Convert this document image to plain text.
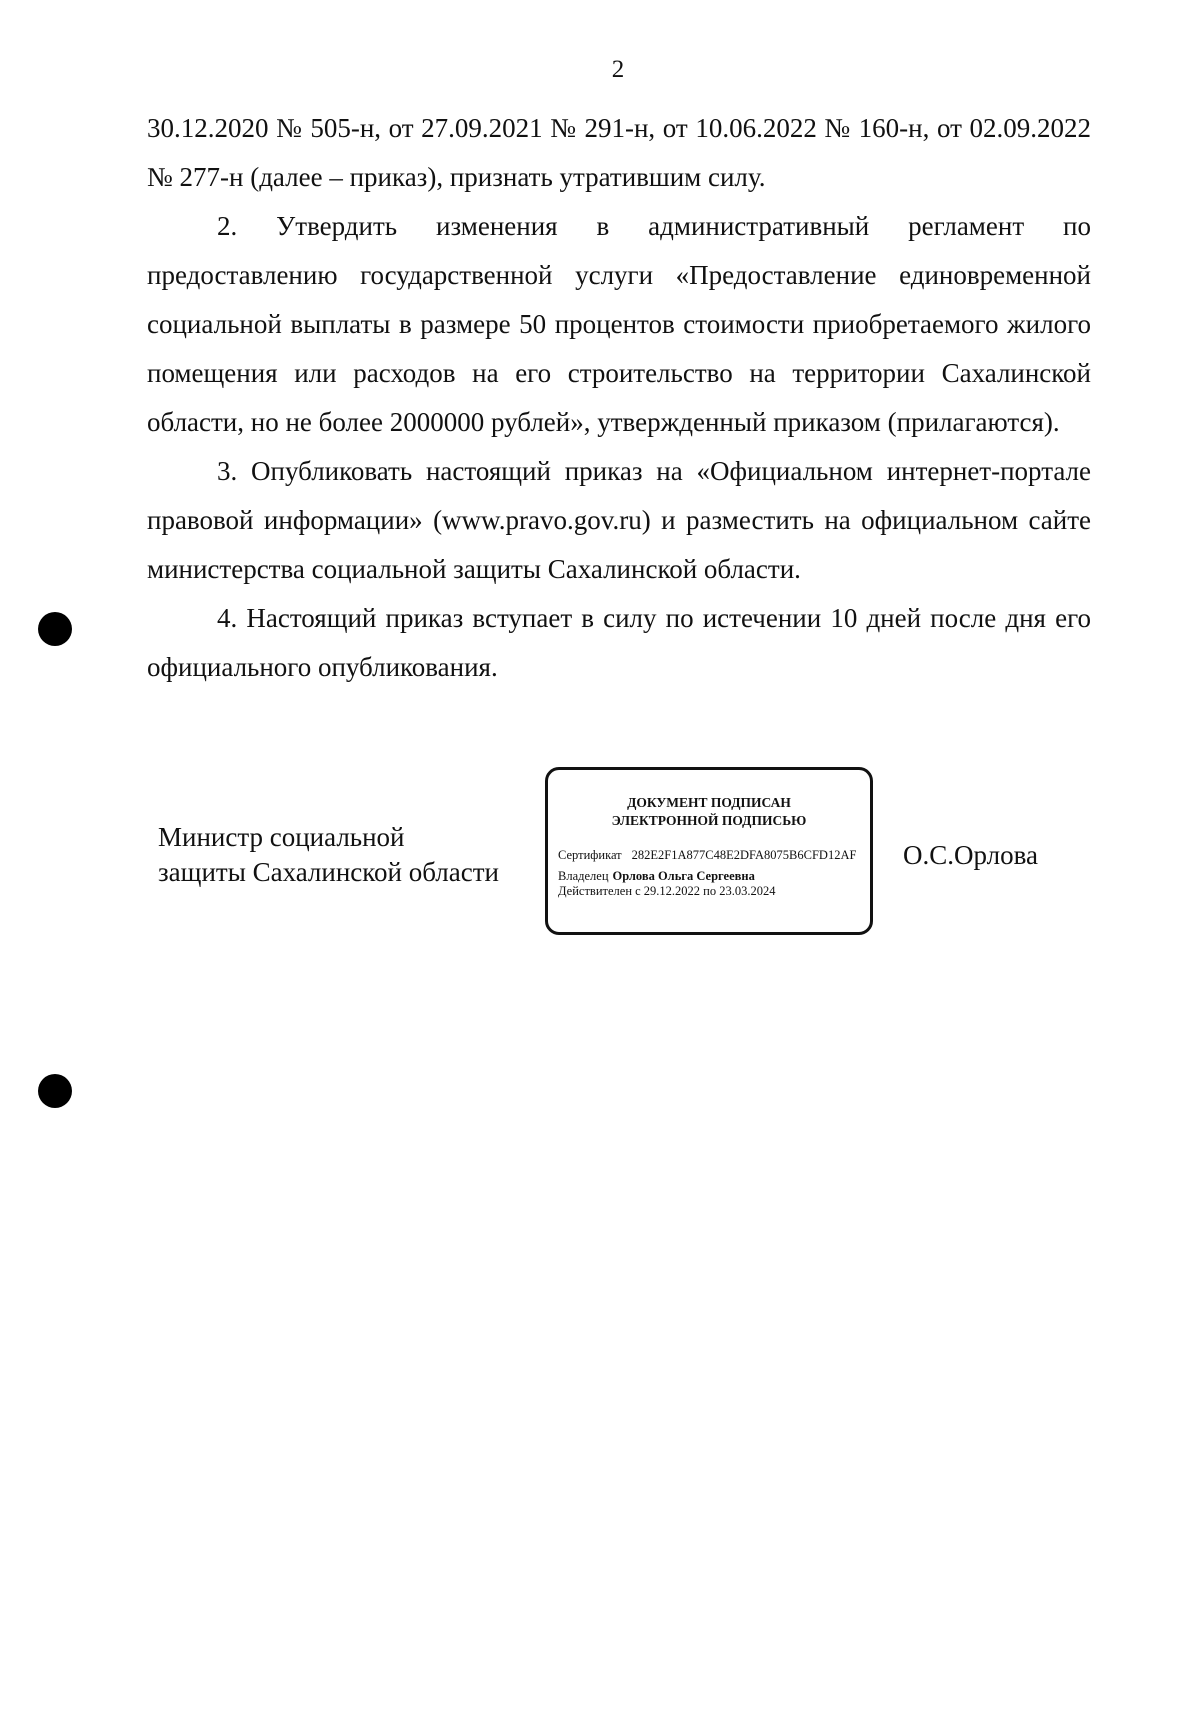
2

30.12.2020 № 505-н, от 27.09.2021 № 291-н, от 10.06.2022 № 160-н, от 02.09.2022 № 277-н (далее – приказ), признать утратившим силу.

2. Утвердить изменения в административный регламент по предоставлению государственной услуги «Предоставление единовременной социальной выплаты в размере 50 процентов стоимости приобретаемого жилого помещения или расходов на его строительство на территории Сахалинской области, но не более 2000000 рублей», утвержденный приказом (прилагаются).

3. Опубликовать настоящий приказ на «Официальном интернет-портале правовой информации» (www.pravo.gov.ru) и разместить на официальном сайте министерства социальной защиты Сахалинской области.

4. Настоящий приказ вступает в силу по истечении 10 дней после дня его официального опубликования.

Министр социальной
защиты Сахалинской области
ДОКУМЕНТ ПОДПИСАН
ЭЛЕКТРОННОЙ ПОДПИСЬЮ
Сертификат 282E2F1A877C48E2DFA8075B6CFD12AF
Владелец Орлова Ольга Сергеевна
Действителен с 29.12.2022 по 23.03.2024
О.С.Орлова
